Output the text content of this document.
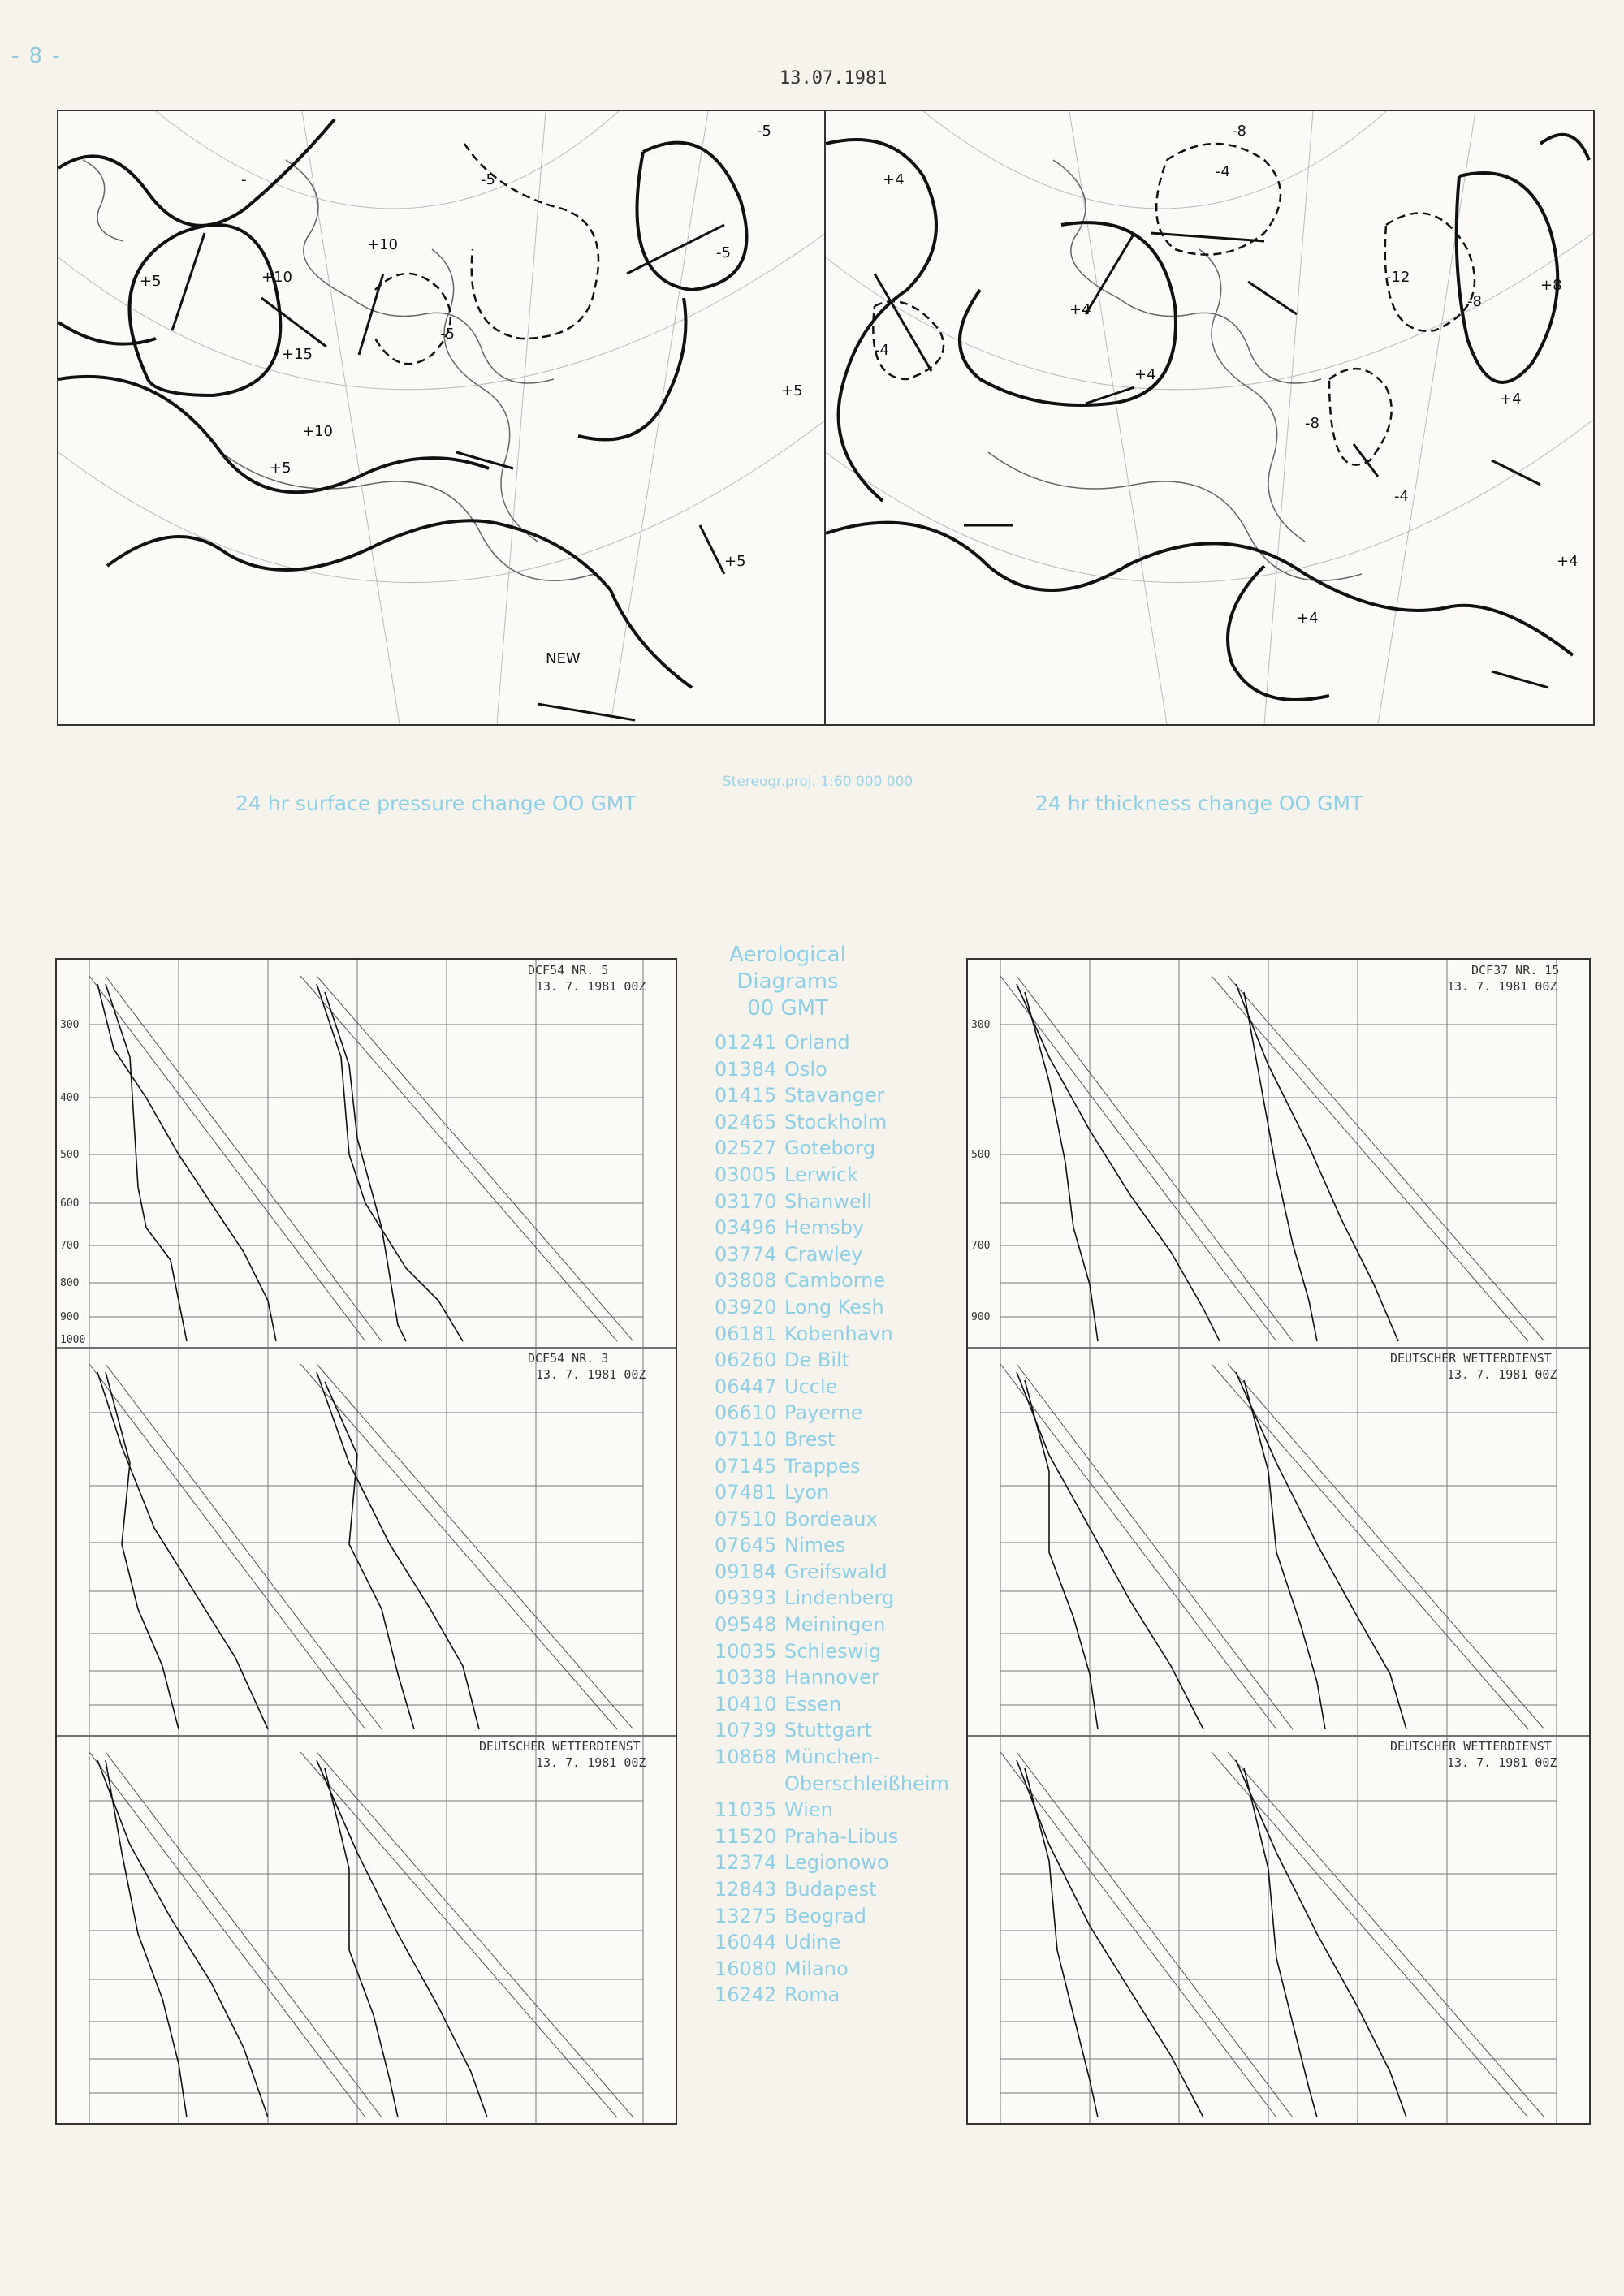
- 8 -
13.07.1981
+5	+10
+15
+10
+5
+10
-	-5
-5
NEW
+5
+5
-5
-5
+4
-8
-4
-12
-8
+8
+4
+4
-8
+4
-4
-4
+4
+4
24 hr surface pressure change OO GMT
Stereogr.proj. 1:60 000 000
24 hr thickness change OO GMT
DCF54 NR. 5
DCF54 NR. 3
DEUTSCHER WETTERDIENST
13. 7. 1981 00Z
13. 7. 1981 00Z
13. 7. 1981 00Z
300
400
500
600
700
800
900
1000
Aerological
Diagrams
00 GMT
01241 Orland
01384 Oslo
01415 Stavanger
02465 Stockholm
02527 Goteborg
03005 Lerwick
03170 Shanwell
03496 Hemsby
03774 Crawley
03808 Camborne
03920 Long Kesh
06181 Kobenhavn
06260 De Bilt
06447 Uccle
06610 Payerne
07110 Brest
07145 Trappes
07481 Lyon
07510 Bordeaux
07645 Nimes
09184 Greifswald
09393 Lindenberg
09548 Meiningen
10035 Schleswig
10338 Hannover
10410 Essen
10739 Stuttgart
10868 München-
Oberschleißheim
11035 Wien
11520 Praha-Libus
12374 Legionowo
12843 Budapest
13275 Beograd
16044 Udine
16080 Milano
16242 Roma
DCF37 NR. 15
DEUTSCHER WETTERDIENST
DEUTSCHER WETTERDIENST
13. 7. 1981 00Z
13. 7. 1981 00Z
13. 7. 1981 00Z
300
500
700
900
